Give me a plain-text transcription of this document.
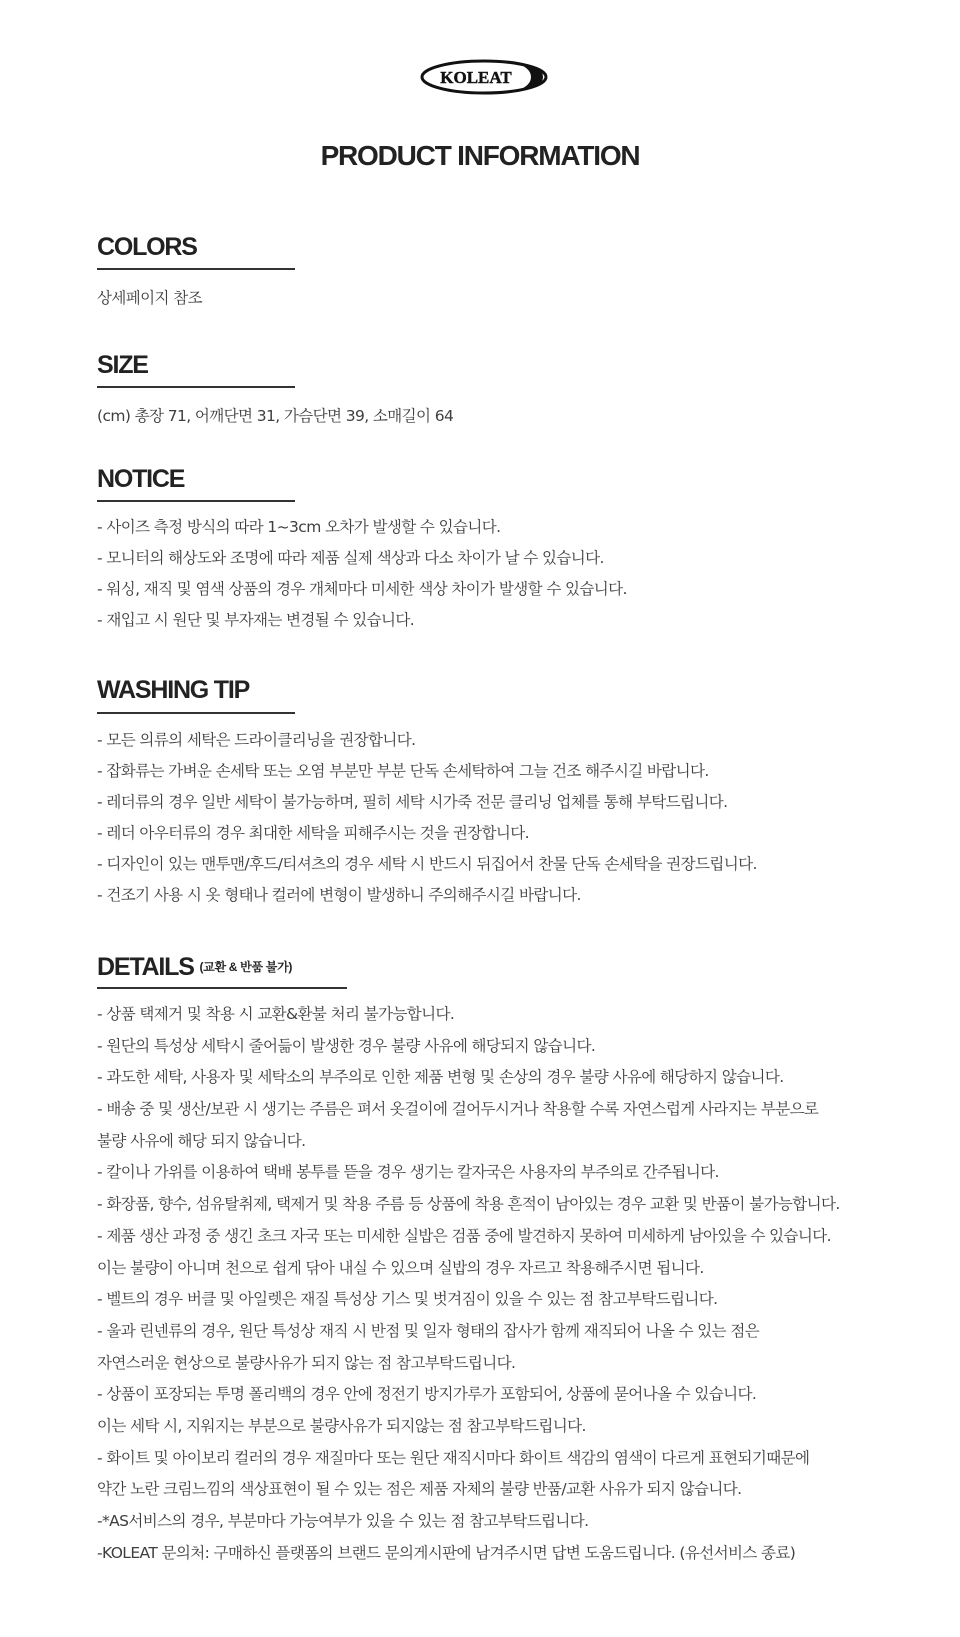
KOLEAT
PRODUCT INFORMATION
COLORS
상세페이지 참조
SIZE
(cm) 총장 71, 어깨단면 31, 가슴단면 39, 소매길이 64
NOTICE
- 사이즈 측정 방식의 따라 1~3cm 오차가 발생할 수 있습니다.
- 모니터의 해상도와 조명에 따라 제품 실제 색상과 다소 차이가 날 수 있습니다.
- 워싱, 재직 및 염색 상품의 경우 개체마다 미세한 색상 차이가 발생할 수 있습니다.
- 재입고 시 원단 및 부자재는 변경될 수 있습니다.
WASHING TIP
- 모든 의류의 세탁은 드라이클리닝을 권장합니다.
- 잡화류는 가벼운 손세탁 또는 오염 부분만 부분 단독 손세탁하여 그늘 건조 해주시길 바랍니다.
- 레더류의 경우 일반 세탁이 불가능하며, 필히 세탁 시가죽 전문 클리닝 업체를 통해 부탁드립니다.
- 레더 아우터류의 경우 최대한 세탁을 피해주시는 것을 권장합니다.
- 디자인이 있는 맨투맨/후드/티셔츠의 경우 세탁 시 반드시 뒤집어서 찬물 단독 손세탁을 권장드립니다.
- 건조기 사용 시 옷 형태나 컬러에 변형이 발생하니 주의해주시길 바랍니다.
DETAILS $^{(교환 \& 반품 불가)}$
- 상품 택제거 및 착용 시 교환&환불 처리 불가능합니다.
- 원단의 특성상 세탁시 줄어듦이 발생한 경우 불량 사유에 해당되지 않습니다.
- 과도한 세탁, 사용자 및 세탁소의 부주의로 인한 제품 변형 및 손상의 경우 불량 사유에 해당하지 않습니다.
- 배송 중 및 생산/보관 시 생기는 주름은 펴서 옷걸이에 걸어두시거나 착용할 수록 자연스럽게 사라지는 부분으로
불량 사유에 해당 되지 않습니다.
- 칼이나 가위를 이용하여 택배 봉투를 뜯을 경우 생기는 칼자국은 사용자의 부주의로 간주됩니다.
- 화장품, 향수, 섬유탈취제, 택제거 및 착용 주름 등 상품에 착용 흔적이 남아있는 경우 교환 및 반품이 불가능합니다.
- 제품 생산 과정 중 생긴 초크 자국 또는 미세한 실밥은 검품 중에 발견하지 못하여 미세하게 남아있을 수 있습니다.
이는 불량이 아니며 천으로 쉽게 닦아 내실 수 있으며 실밥의 경우 자르고 착용해주시면 됩니다.
- 벨트의 경우 버클 및 아일렛은 재질 특성상 기스 및 벗겨짐이 있을 수 있는 점 참고부탁드립니다.
- 울과 린넨류의 경우, 원단 특성상 재직 시 반점 및 일자 형태의 잡사가 함께 재직되어 나올 수 있는 점은
자연스러운 현상으로 불량사유가 되지 않는 점 참고부탁드립니다.
- 상품이 포장되는 투명 폴리백의 경우 안에 정전기 방지가루가 포함되어, 상품에 묻어나올 수 있습니다.
이는 세탁 시, 지워지는 부분으로 불량사유가 되지않는 점 참고부탁드립니다.
- 화이트 및 아이보리 컬러의 경우 재질마다 또는 원단 재직시마다 화이트 색감의 염색이 다르게 표현되기때문에
약간 노란 크림느낌의 색상표현이 될 수 있는 점은 제품 자체의 불량 반품/교환 사유가 되지 않습니다.
-*AS서비스의 경우, 부분마다 가능여부가 있을 수 있는 점 참고부탁드립니다.
-KOLEAT 문의처: 구매하신 플랫폼의 브랜드 문의게시판에 남겨주시면 답변 도움드립니다. (유선서비스 종료)
